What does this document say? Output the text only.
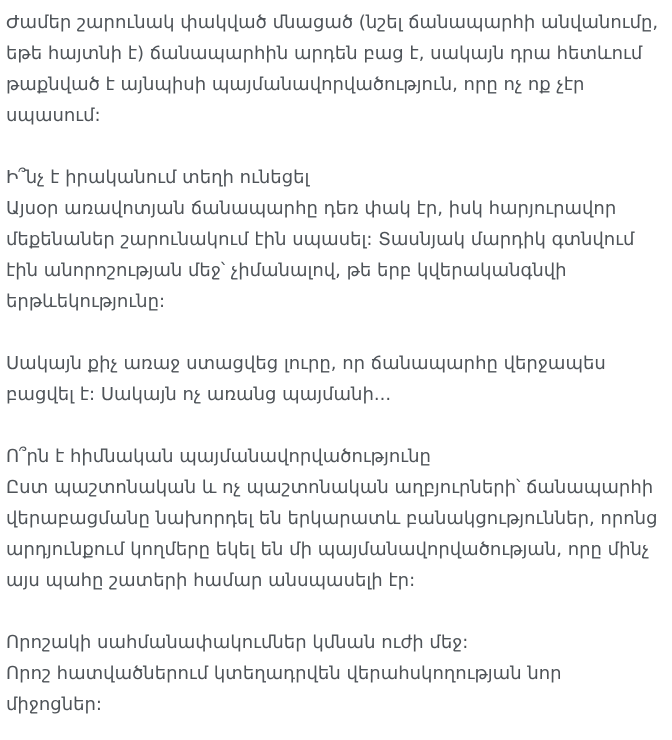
Ժամեր շարունակ փակված մնացած (նշել ճանապարհի անվանումը,
եթե հայտնի է) ճանապարհին արդեն բաց է, սակայն դրա հետևում
թաքնված է այնպիսի պայմանավորվածություն, որը ոչ ոք չէր
սպասում:

Ի՞նչ է իրականում տեղի ունեցել
Այսօր առավոտյան ճանապարհը դեռ փակ էր, իսկ հարյուրավոր
մեքենաներ շարունակում էին սպասել: Տասնյակ մարդիկ գտնվում
էին անորոշության մեջ՝ չիմանալով, թե երբ կվերականգնվի
երթևեկությունը:

Սակայն քիչ առաջ ստացվեց լուրը, որ ճանապարհը վերջապես
բացվել է: Սակայն ոչ առանց պայմանի...

Ո՞րն է հիմնական պայմանավորվածությունը
Ըստ պաշտոնական և ոչ պաշտոնական աղբյուրների՝ ճանապարհի
վերաբացմանը նախորդել են երկարատև բանակցություններ, որոնց
արդյունքում կողմերը եկել են մի պայմանավորվածության, որը մինչ
այս պահը շատերի համար անսպասելի էր:

Որոշակի սահմանափակումներ կմնան ուժի մեջ:
Որոշ հատվածներում կտեղադրվեն վերահսկողության նոր
միջոցներ:
